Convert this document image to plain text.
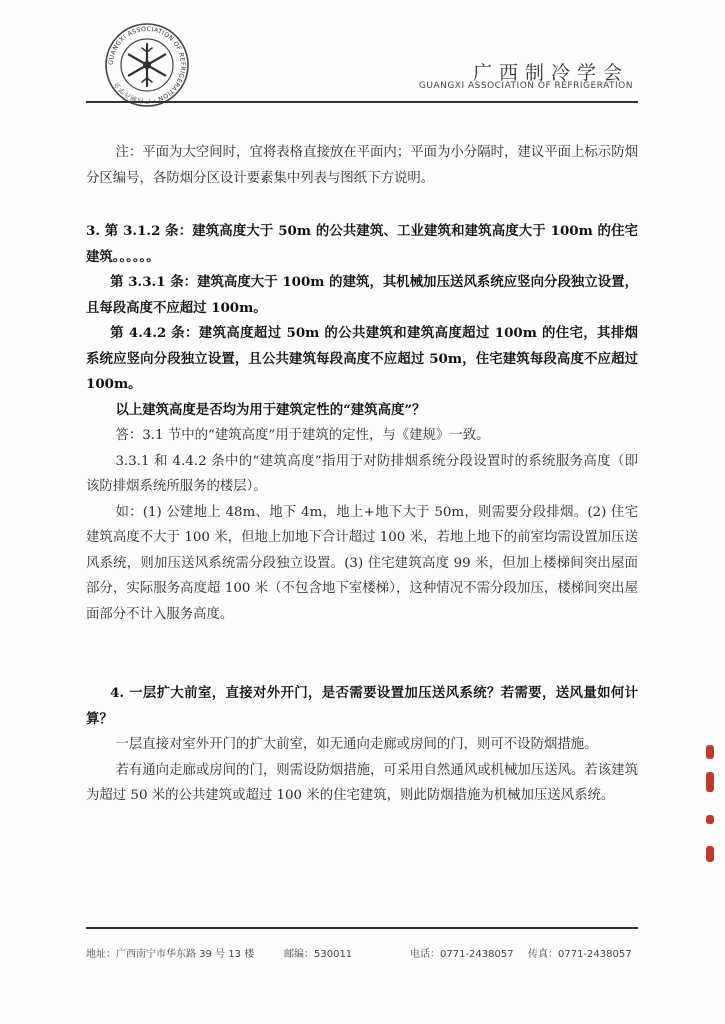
GUANGXI ASSOCIATION OF REFRIGERATION · 广西制冷学会
广西制冷学会
GUANGXI ASSOCIATION OF REFRIGERATION

注：平面为大空间时，宜将表格直接放在平面内；平面为小分隔时，建议平面上标示防烟分区编号，各防烟分区设计要素集中列表与图纸下方说明。

3. 第 3.1.2 条：建筑高度大于 50m 的公共建筑、工业建筑和建筑高度大于 100m 的住宅建筑。。。。。。

第 3.3.1 条：建筑高度大于 100m 的建筑，其机械加压送风系统应竖向分段独立设置，且每段高度不应超过 100m。

第 4.4.2 条：建筑高度超过 50m 的公共建筑和建筑高度超过 100m 的住宅，其排烟系统应竖向分段独立设置，且公共建筑每段高度不应超过 50m，住宅建筑每段高度不应超过 100m。

以上建筑高度是否均为用于建筑定性的“建筑高度”？

答：3.1 节中的“建筑高度”用于建筑的定性，与《建规》一致。

3.3.1 和 4.4.2 条中的“建筑高度”指用于对防排烟系统分段设置时的系统服务高度（即该防排烟系统所服务的楼层）。

如：(1) 公建地上 48m、地下 4m，地上+地下大于 50m，则需要分段排烟。(2) 住宅建筑高度不大于 100 米，但地上加地下合计超过 100 米，若地上地下的前室均需设置加压送风系统，则加压送风系统需分段独立设置。(3) 住宅建筑高度 99 米，但加上楼梯间突出屋面部分，实际服务高度超 100 米（不包含地下室楼梯），这种情况不需分段加压，楼梯间突出屋面部分不计入服务高度。

4. 一层扩大前室，直接对外开门，是否需要设置加压送风系统？若需要，送风量如何计算？

一层直接对室外开门的扩大前室，如无通向走廊或房间的门，则可不设防烟措施。

若有通向走廊或房间的门，则需设防烟措施，可采用自然通风或机械加压送风。若该建筑为超过 50 米的公共建筑或超过 100 米的住宅建筑，则此防烟措施为机械加压送风系统。

地址：广西南宁市华东路 39 号 13 楼	邮编：530011	电话：0771-2438057 传真：0771-2438057
